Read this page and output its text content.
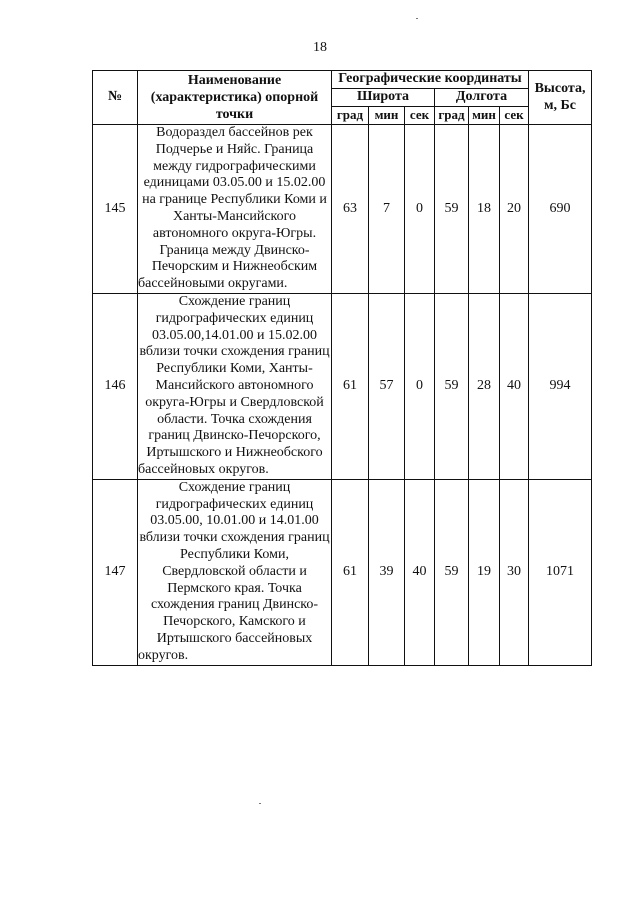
18
№	Наименование (характеристика) опорной точки	Географические координаты						Высота, м, Бс
		Широта			Долгота			
		град	мин	сек	град	мин	сек	
145	Водораздел бассейнов рек Подчерье и Няйс. Граница между гидрографическими единицами 03.05.00 и 15.02.00 на границе Республики Коми и Ханты-Мансийского автономного округа-Югры. Граница между Двинско-Печорским и Нижнеобским бассейновыми округами.	63	7	0	59	18	20	690
146	Схождение границ гидрографических единиц 03.05.00,14.01.00 и 15.02.00 вблизи точки схождения границ Республики Коми, Ханты-Мансийского автономного округа-Югры и Свердловской области. Точка схождения границ Двинско-Печорского, Иртышского и Нижнеобского бассейновых округов.	61	57	0	59	28	40	994
147	Схождение границ гидрографических единиц 03.05.00, 10.01.00 и 14.01.00 вблизи точки схождения границ Республики Коми, Свердловской области и Пермского края. Точка схождения границ Двинско-Печорского, Камского и Иртышского бассейновых округов.	61	39	40	59	19	30	1071
